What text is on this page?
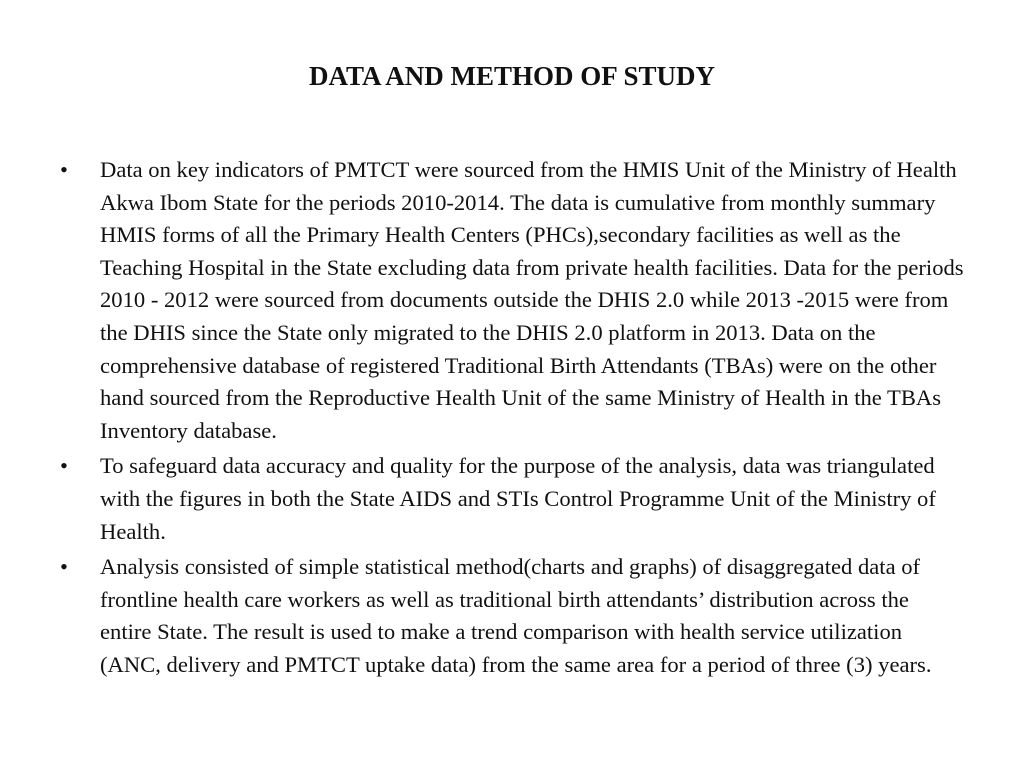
DATA AND METHOD OF STUDY
•	Data on key indicators of PMTCT were sourced from the HMIS Unit of the Ministry of Health Akwa Ibom State for the periods 2010-2014. The data is cumulative from monthly summary HMIS forms of all the Primary Health Centers (PHCs),secondary facilities as well as the Teaching Hospital in the State excluding data from private health facilities. Data for the periods 2010 - 2012 were sourced from documents outside the DHIS 2.0 while 2013 -2015 were from the DHIS since the State only migrated to the DHIS 2.0 platform in 2013. Data on the comprehensive database of registered Traditional Birth Attendants (TBAs) were on the other hand sourced from the Reproductive Health Unit of the same Ministry of Health in the TBAs Inventory database.
•	To safeguard data accuracy and quality for the purpose of the analysis, data was triangulated with the figures in both the State AIDS and STIs Control Programme Unit of the Ministry of Health.
•	Analysis consisted of simple statistical method(charts and graphs) of disaggregated data of frontline health care workers as well as traditional birth attendants’ distribution across the entire State. The result is used to make a trend comparison with health service utilization (ANC, delivery and PMTCT uptake data) from the same area for a period of three (3) years.
